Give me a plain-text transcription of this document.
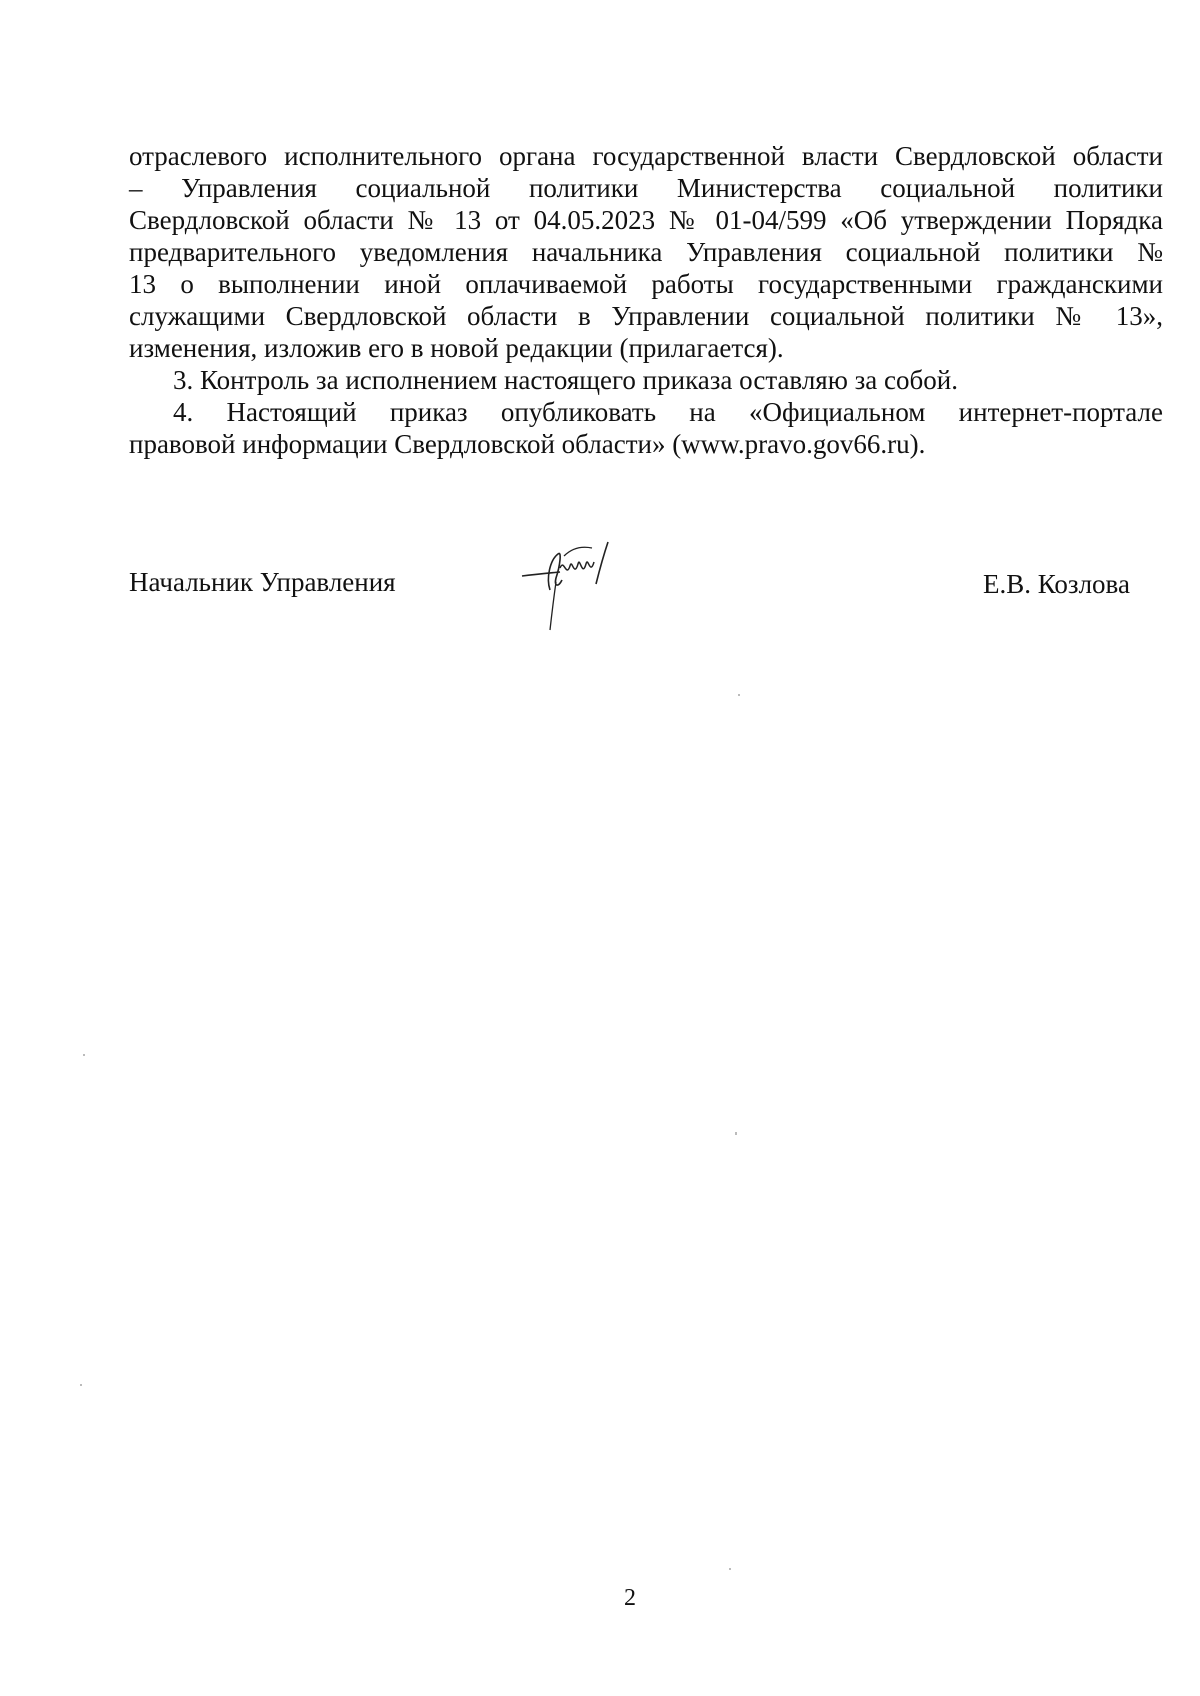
отраслевого исполнительного органа государственной власти Свердловской области
– Управления социальной политики Министерства социальной политики
Свердловской области № 13 от 04.05.2023 № 01-04/599 «Об утверждении Порядка
предварительного уведомления начальника Управления социальной политики №
13 о выполнении иной оплачиваемой работы государственными гражданскими
служащими Свердловской области в Управлении социальной политики № 13»,
изменения, изложив его в новой редакции (прилагается).
3. Контроль за исполнением настоящего приказа оставляю за собой.
4. Настоящий приказ опубликовать на «Официальном интернет-портале
правовой информации Свердловской области» (www.pravo.gov66.ru).
Начальник Управления	Е.В. Козлова
2
